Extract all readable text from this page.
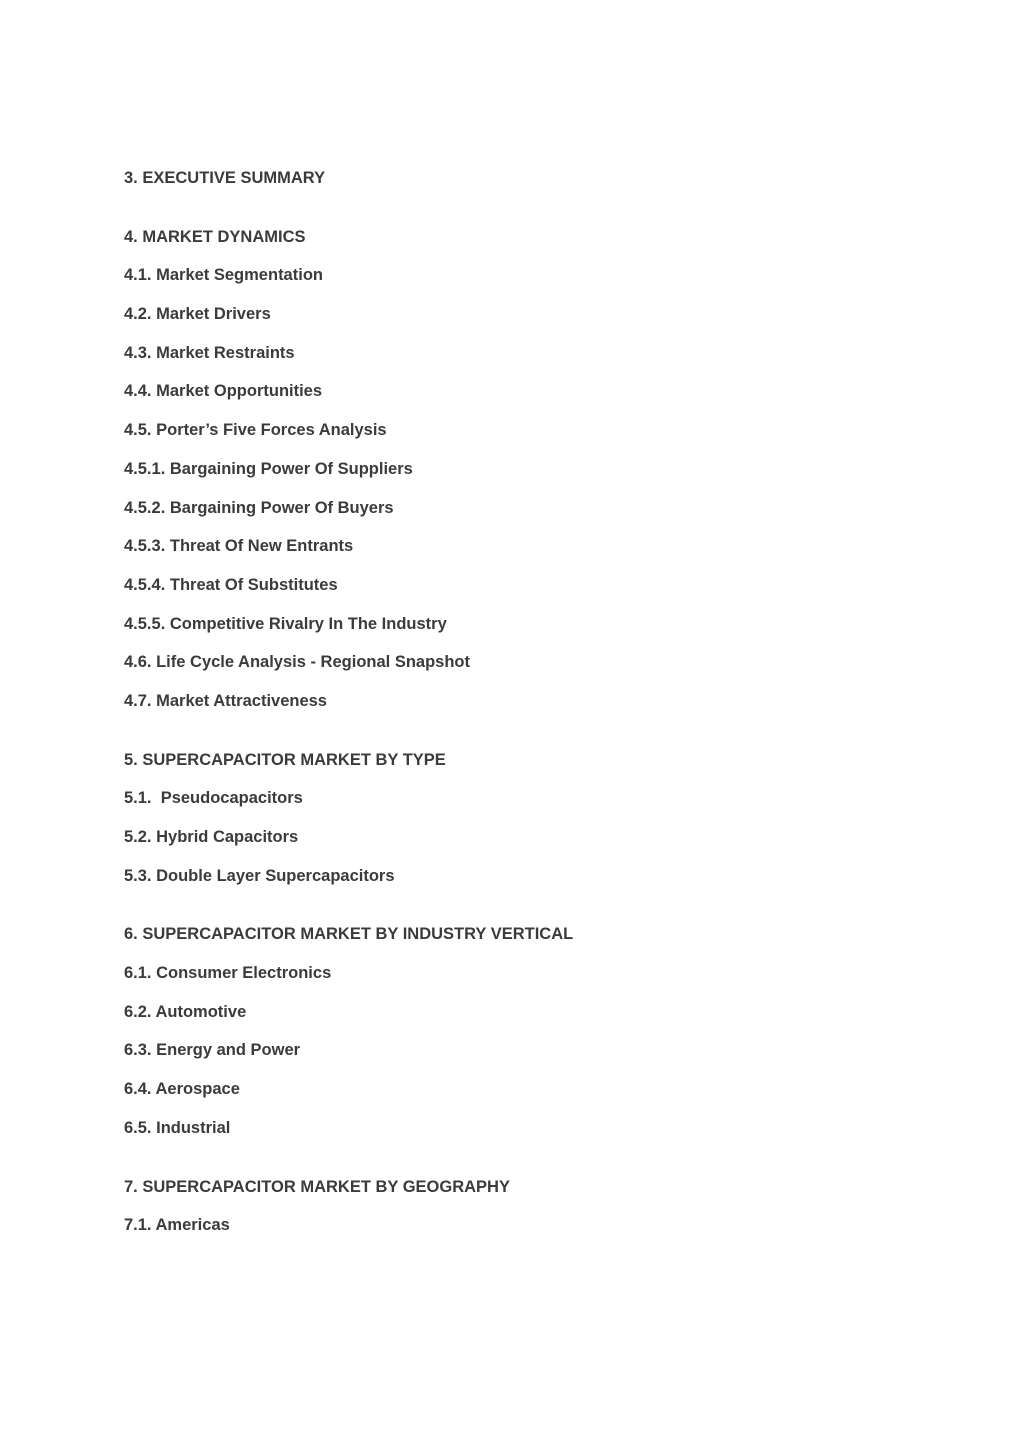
3. EXECUTIVE SUMMARY
4. MARKET DYNAMICS
4.1. Market Segmentation
4.2. Market Drivers
4.3. Market Restraints
4.4. Market Opportunities
4.5. Porter’s Five Forces Analysis
4.5.1. Bargaining Power Of Suppliers
4.5.2. Bargaining Power Of Buyers
4.5.3. Threat Of New Entrants
4.5.4. Threat Of Substitutes
4.5.5. Competitive Rivalry In The Industry
4.6. Life Cycle Analysis - Regional Snapshot
4.7. Market Attractiveness
5. SUPERCAPACITOR MARKET BY TYPE
5.1.  Pseudocapacitors
5.2. Hybrid Capacitors
5.3. Double Layer Supercapacitors
6. SUPERCAPACITOR MARKET BY INDUSTRY VERTICAL
6.1. Consumer Electronics
6.2. Automotive
6.3. Energy and Power
6.4. Aerospace
6.5. Industrial
7. SUPERCAPACITOR MARKET BY GEOGRAPHY
7.1. Americas
